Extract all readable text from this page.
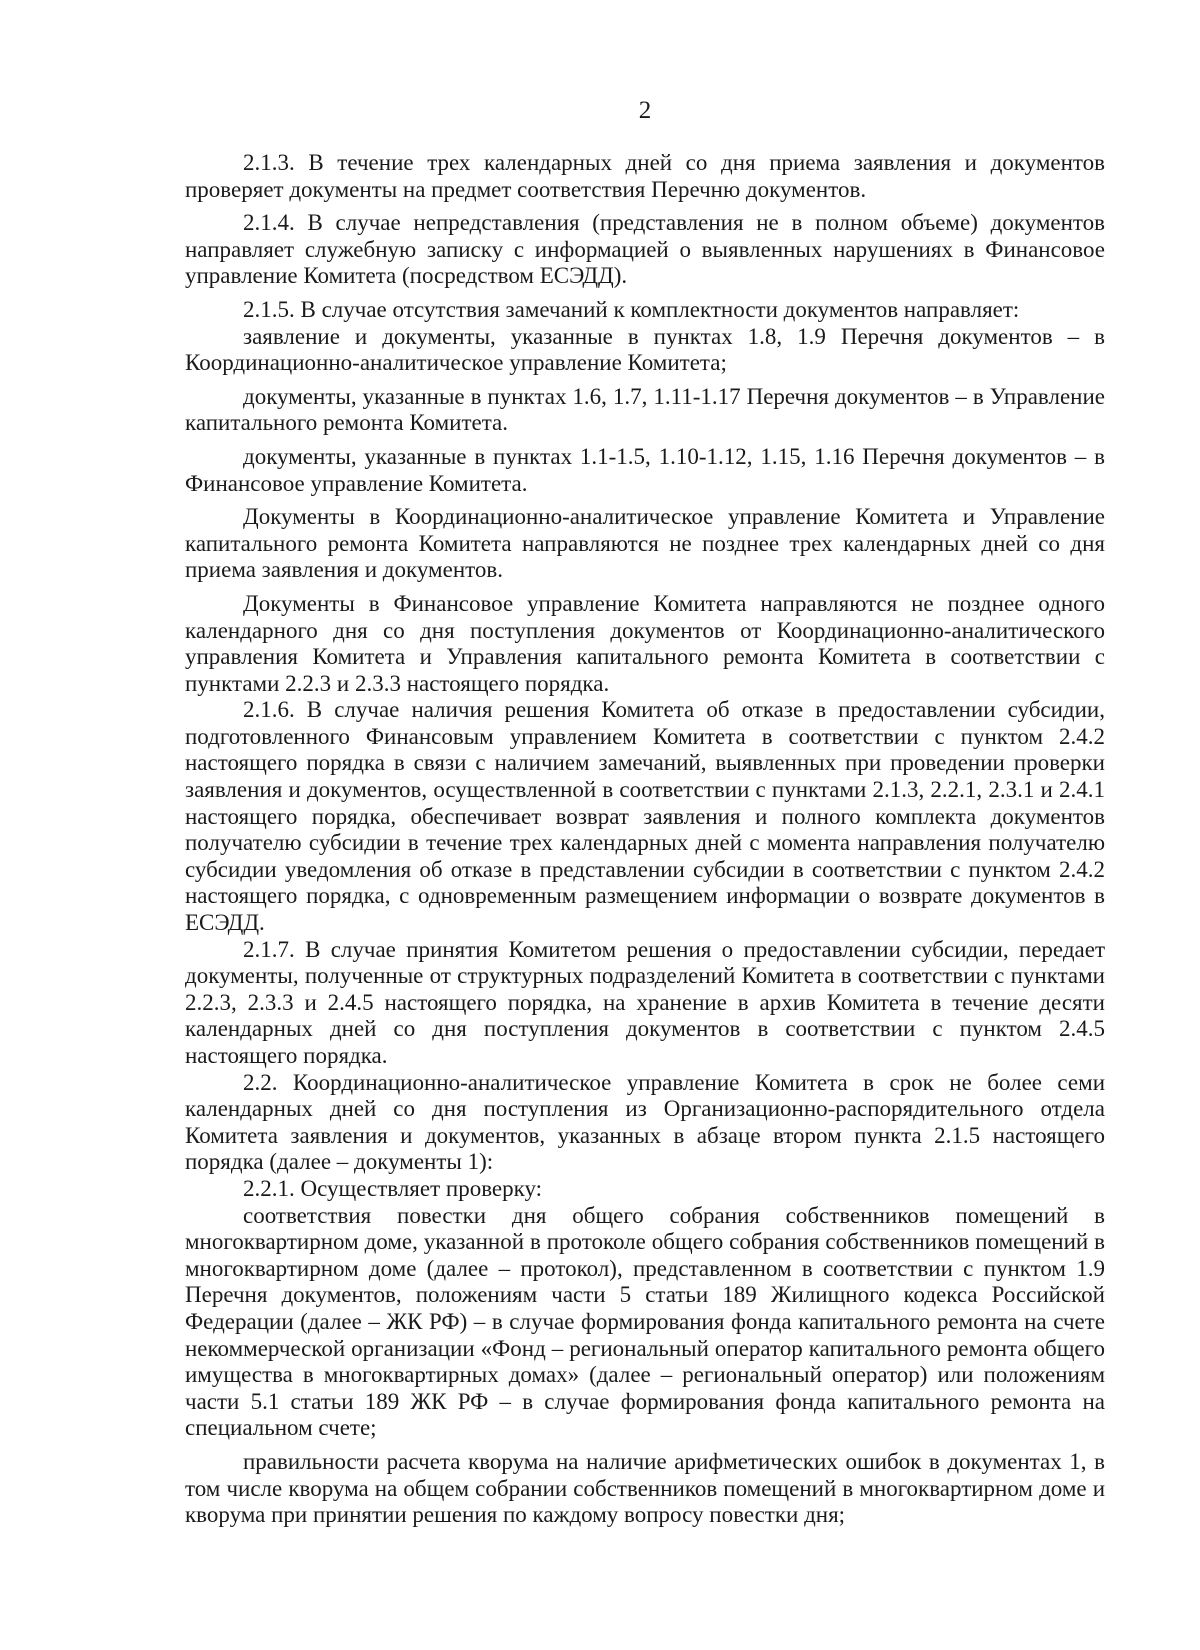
2

2.1.3. В течение трех календарных дней со дня приема заявления и документов проверяет документы на предмет соответствия Перечню документов.

2.1.4. В случае непредставления (представления не в полном объеме) документов направляет служебную записку с информацией о выявленных нарушениях в Финансовое управление Комитета (посредством ЕСЭДД).

2.1.5. В случае отсутствия замечаний к комплектности документов направляет:

заявление и документы, указанные в пунктах 1.8, 1.9 Перечня документов – в Координационно-аналитическое управление Комитета;

документы, указанные в пунктах 1.6, 1.7, 1.11-1.17 Перечня документов – в Управление капитального ремонта Комитета.

документы, указанные в пунктах 1.1-1.5, 1.10-1.12, 1.15, 1.16 Перечня документов – в Финансовое управление Комитета.

Документы в Координационно-аналитическое управление Комитета и Управление капитального ремонта Комитета направляются не позднее трех календарных дней со дня приема заявления и документов.

Документы в Финансовое управление Комитета направляются не позднее одного календарного дня со дня поступления документов от Координационно-аналитического управления Комитета и Управления капитального ремонта Комитета в соответствии с пунктами 2.2.3 и 2.3.3 настоящего порядка.

2.1.6. В случае наличия решения Комитета об отказе в предоставлении субсидии, подготовленного Финансовым управлением Комитета в соответствии с пунктом 2.4.2 настоящего порядка в связи с наличием замечаний, выявленных при проведении проверки заявления и документов, осуществленной в соответствии с пунктами 2.1.3, 2.2.1, 2.3.1 и 2.4.1 настоящего порядка, обеспечивает возврат заявления и полного комплекта документов получателю субсидии в течение трех календарных дней с момента направления получателю субсидии уведомления об отказе в представлении субсидии в соответствии с пунктом 2.4.2 настоящего порядка, с одновременным размещением информации о возврате документов в ЕСЭДД.

2.1.7. В случае принятия Комитетом решения о предоставлении субсидии, передает документы, полученные от структурных подразделений Комитета в соответствии с пунктами 2.2.3, 2.3.3 и 2.4.5 настоящего порядка, на хранение в архив Комитета в течение десяти календарных дней со дня поступления документов в соответствии с пунктом 2.4.5 настоящего порядка.

2.2. Координационно-аналитическое управление Комитета в срок не более семи календарных дней со дня поступления из Организационно-распорядительного отдела Комитета заявления и документов, указанных в абзаце втором пункта 2.1.5 настоящего порядка (далее – документы 1):

2.2.1. Осуществляет проверку:

соответствия повестки дня общего собрания собственников помещений в многоквартирном доме, указанной в протоколе общего собрания собственников помещений в многоквартирном доме (далее – протокол), представленном в соответствии с пунктом 1.9 Перечня документов, положениям части 5 статьи 189 Жилищного кодекса Российской Федерации (далее – ЖК РФ) – в случае формирования фонда капитального ремонта на счете некоммерческой организации «Фонд – региональный оператор капитального ремонта общего имущества в многоквартирных домах» (далее – региональный оператор) или положениям части 5.1 статьи 189 ЖК РФ – в случае формирования фонда капитального ремонта на специальном счете;

правильности расчета кворума на наличие арифметических ошибок в документах 1, в том числе кворума на общем собрании собственников помещений в многоквартирном доме и кворума при принятии решения по каждому вопросу повестки дня;
